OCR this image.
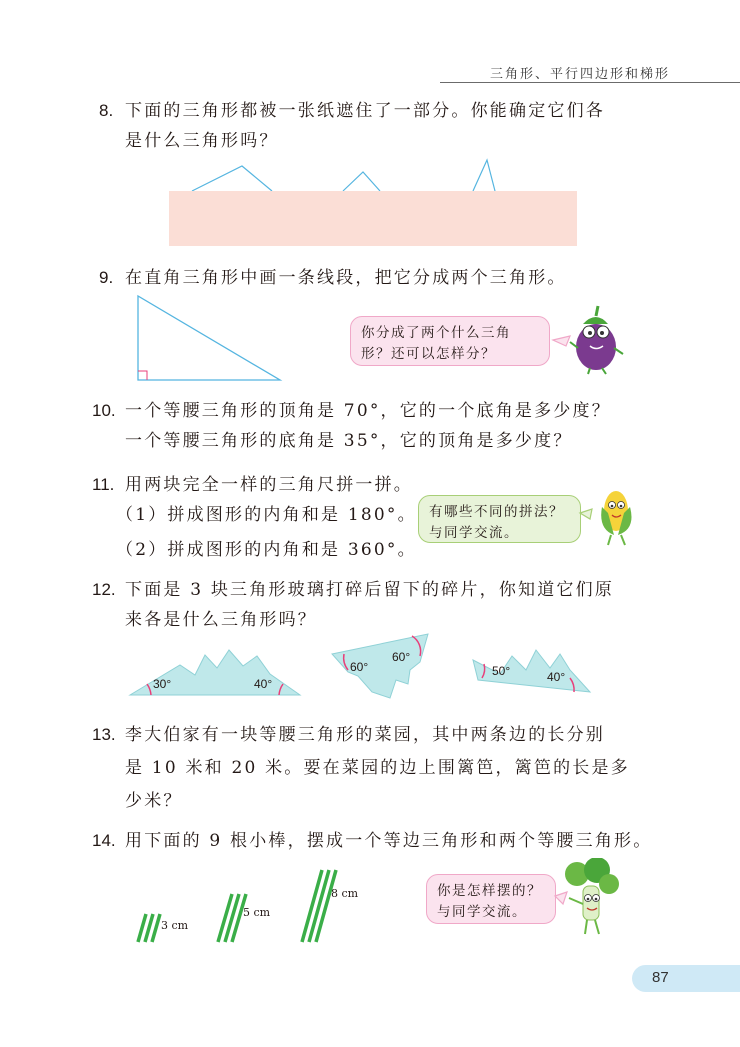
三角形、平行四边形和梯形
8. 下面的三角形都被一张纸遮住了一部分。你能确定它们各
是什么三角形吗？
9. 在直角三角形中画一条线段，把它分成两个三角形。
你分成了两个什么三角
形？还可以怎样分？
10. 一个等腰三角形的顶角是 70°，它的一个底角是多少度？
一个等腰三角形的底角是 35°，它的顶角是多少度？
11. 用两块完全一样的三角尺拼一拼。
（1）拼成图形的内角和是 180°。
（2）拼成图形的内角和是 360°。
有哪些不同的拼法？
与同学交流。
12. 下面是 3 块三角形玻璃打碎后留下的碎片，你知道它们原
来各是什么三角形吗？
30°	40°
60°
60°
50°	40°
13. 李大伯家有一块等腰三角形的菜园，其中两条边的长分别
是 10 米和 20 米。要在菜园的边上围篱笆，篱笆的长是多
少米？
14. 用下面的 9 根小棒，摆成一个等边三角形和两个等腰三角形。
3 cm
5 cm
8 cm	你是怎样摆的？
与同学交流。
87
